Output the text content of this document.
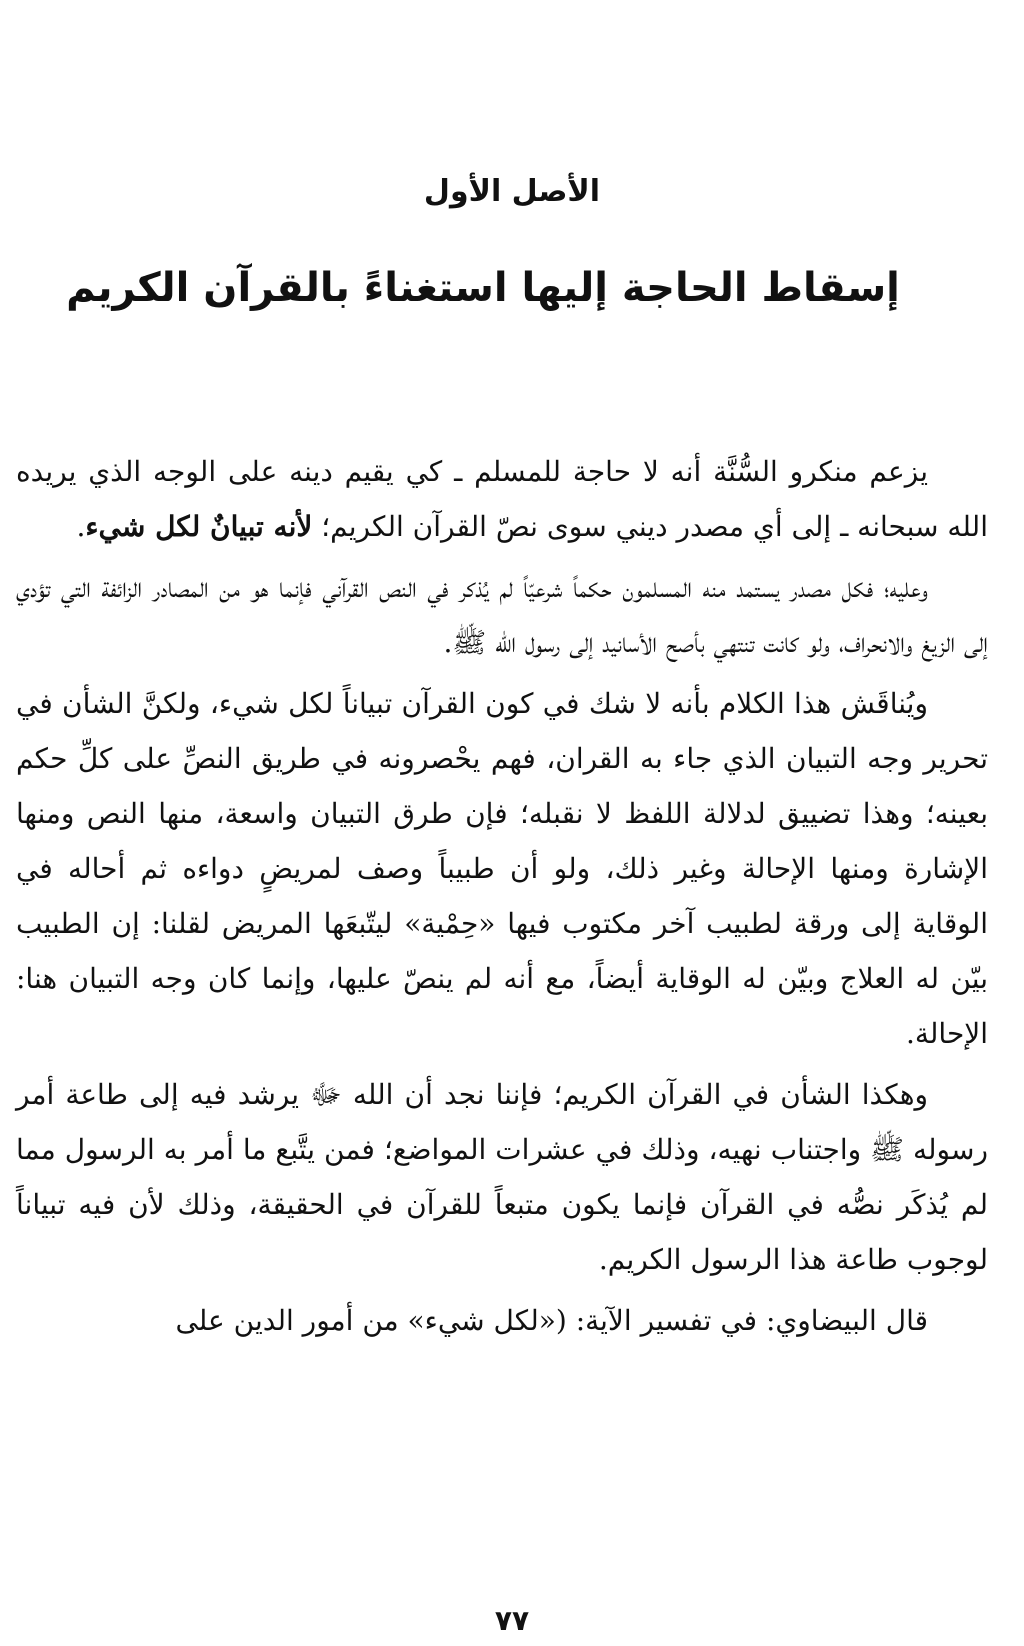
الأصل الأول
إسقاط الحاجة إليها استغناءً بالقرآن الكريم

يزعم منكرو السُّنَّة أنه لا حاجة للمسلم ـ كي يقيم دينه على الوجه الذي يريده الله سبحانه ـ إلى أي مصدر ديني سوى نصّ القرآن الكريم؛ لأنه تبيانٌ لكل شيء.

وعليه؛ فكل مصدر يستمد منه المسلمون حكماً شرعيّاً لم يُذكر في النص القرآني فإنما هو من المصادر الزائفة التي تؤدي إلى الزيغ والانحراف، ولو كانت تنتهي بأصح الأسانيد إلى رسول الله ﷺ.

ويُناقَش هذا الكلام بأنه لا شك في كون القرآن تبياناً لكل شيء، ولكنَّ الشأن في تحرير وجه التبيان الذي جاء به القران، فهم يحْصرونه في طريق النصِّ على كلِّ حكم بعينه؛ وهذا تضييق لدلالة اللفظ لا نقبله؛ فإن طرق التبيان واسعة، منها النص ومنها الإشارة ومنها الإحالة وغير ذلك، ولو أن طبيباً وصف لمريضٍ دواءه ثم أحاله في الوقاية إلى ورقة لطبيب آخر مكتوب فيها «حِمْية» ليتّبعَها المريض لقلنا: إن الطبيب بيّن له العلاج وبيّن له الوقاية أيضاً، مع أنه لم ينصّ عليها، وإنما كان وجه التبيان هنا: الإحالة.

وهكذا الشأن في القرآن الكريم؛ فإننا نجد أن الله ﷻ يرشد فيه إلى طاعة أمر رسوله ﷺ واجتناب نهيه، وذلك في عشرات المواضع؛ فمن يتَّبع ما أمر به الرسول مما لم يُذكَر نصُّه في القرآن فإنما يكون متبعاً للقرآن في الحقيقة، وذلك لأن فيه تبياناً لوجوب طاعة هذا الرسول الكريم.

قال البيضاوي: في تفسير الآية: («لكل شيء» من أمور الدين على

٧٧
